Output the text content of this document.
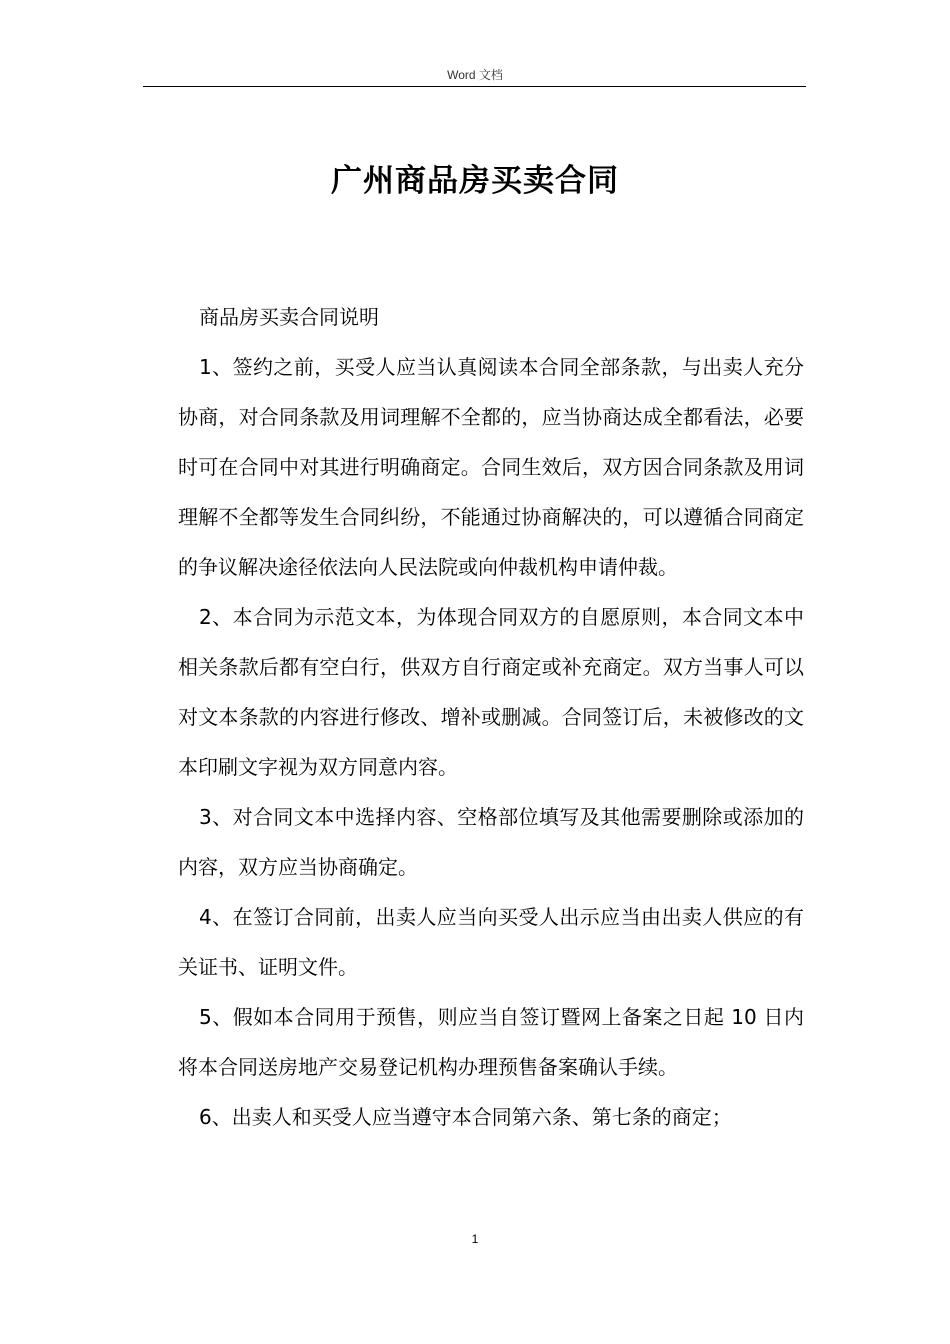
Word 文档
广州商品房买卖合同

商品房买卖合同说明

1、签约之前，买受人应当认真阅读本合同全部条款，与出卖人充分协商，对合同条款及用词理解不全都的，应当协商达成全都看法，必要时可在合同中对其进行明确商定。合同生效后，双方因合同条款及用词理解不全都等发生合同纠纷，不能通过协商解决的，可以遵循合同商定的争议解决途径依法向人民法院或向仲裁机构申请仲裁。

2、本合同为示范文本，为体现合同双方的自愿原则，本合同文本中相关条款后都有空白行，供双方自行商定或补充商定。双方当事人可以对文本条款的内容进行修改、增补或删减。合同签订后，未被修改的文本印刷文字视为双方同意内容。

3、对合同文本中选择内容、空格部位填写及其他需要删除或添加的内容，双方应当协商确定。

4、在签订合同前，出卖人应当向买受人出示应当由出卖人供应的有关证书、证明文件。

5、假如本合同用于预售，则应当自签订暨网上备案之日起 10 日内将本合同送房地产交易登记机构办理预售备案确认手续。

6、出卖人和买受人应当遵守本合同第六条、第七条的商定；

1
